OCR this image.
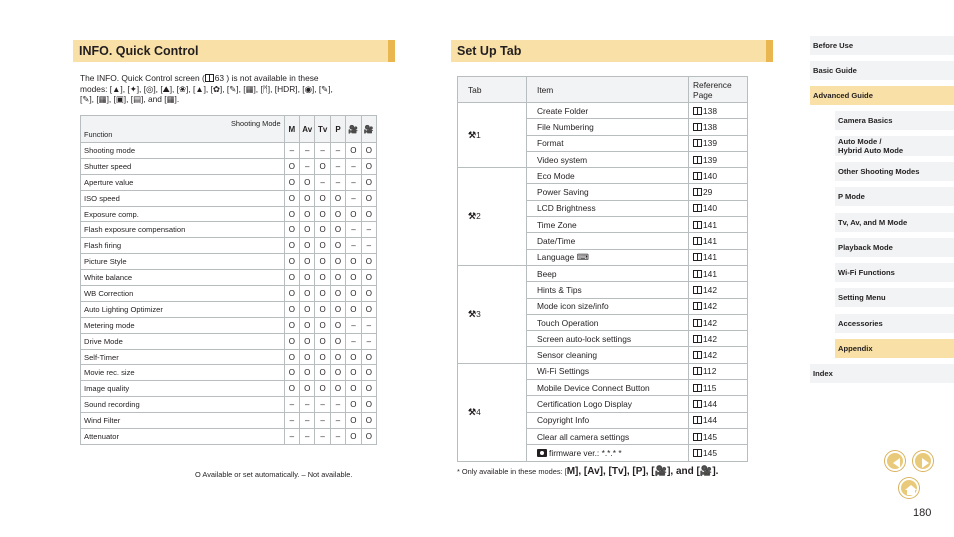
INFO. Quick Control
The INFO. Quick Control screen ( 63 ) is not available in these
modes: [▲], [✦], [◎], [⛰], [❀], [▲], [✿], [✎], [▦], [ᛗ], [HDR], [◉], [✎],
[✎], [▦], [▣], [▤], and [▦].
Shooting Mode
Function	M	Av	Tv	P	🎥	🎥
Shooting mode	–	–	–	–	O	O
Shutter speed	O	–	O	–	–	O
Aperture value	O	O	–	–	–	O
ISO speed	O	O	O	O	–	O
Exposure comp.	O	O	O	O	O	O
Flash exposure compensation	O	O	O	O	–	–
Flash firing	O	O	O	O	–	–
Picture Style	O	O	O	O	O	O
White balance	O	O	O	O	O	O
WB Correction	O	O	O	O	O	O
Auto Lighting Optimizer	O	O	O	O	O	O
Metering mode	O	O	O	O	–	–
Drive Mode	O	O	O	O	–	–
Self-Timer	O	O	O	O	O	O
Movie rec. size	O	O	O	O	O	O
Image quality	O	O	O	O	O	O
Sound recording	–	–	–	–	O	O
Wind Filter	–	–	–	–	O	O
Attenuator	–	–	–	–	O	O
O Available or set automatically. – Not available.
Set Up Tab
Tab	Item	Reference Page
⚒1	Create Folder	138
	File Numbering	138
	Format	139
	Video system	139
⚒2	Eco Mode	140
	Power Saving	29
	LCD Brightness	140
	Time Zone	141
	Date/Time	141
	Language ⌨	141
⚒3	Beep	141
	Hints & Tips	142
	Mode icon size/info	142
	Touch Operation	142
	Screen auto-lock settings	142
	Sensor cleaning	142
⚒4	Wi-Fi Settings	112
	Mobile Device Connect Button	115
	Certification Logo Display	144
	Copyright Info	144
	Clear all camera settings	145
	firmware ver.: *.*.* *	145
* Only available in these modes: [M], [Av], [Tv], [P], [🎥], and [🎥].
Before Use
Basic Guide
Advanced Guide
Camera Basics
Auto Mode /
Hybrid Auto Mode
Other Shooting Modes
P Mode
Tv, Av, and M Mode
Playback Mode
Wi-Fi Functions
Setting Menu
Accessories
Appendix
Index
180
